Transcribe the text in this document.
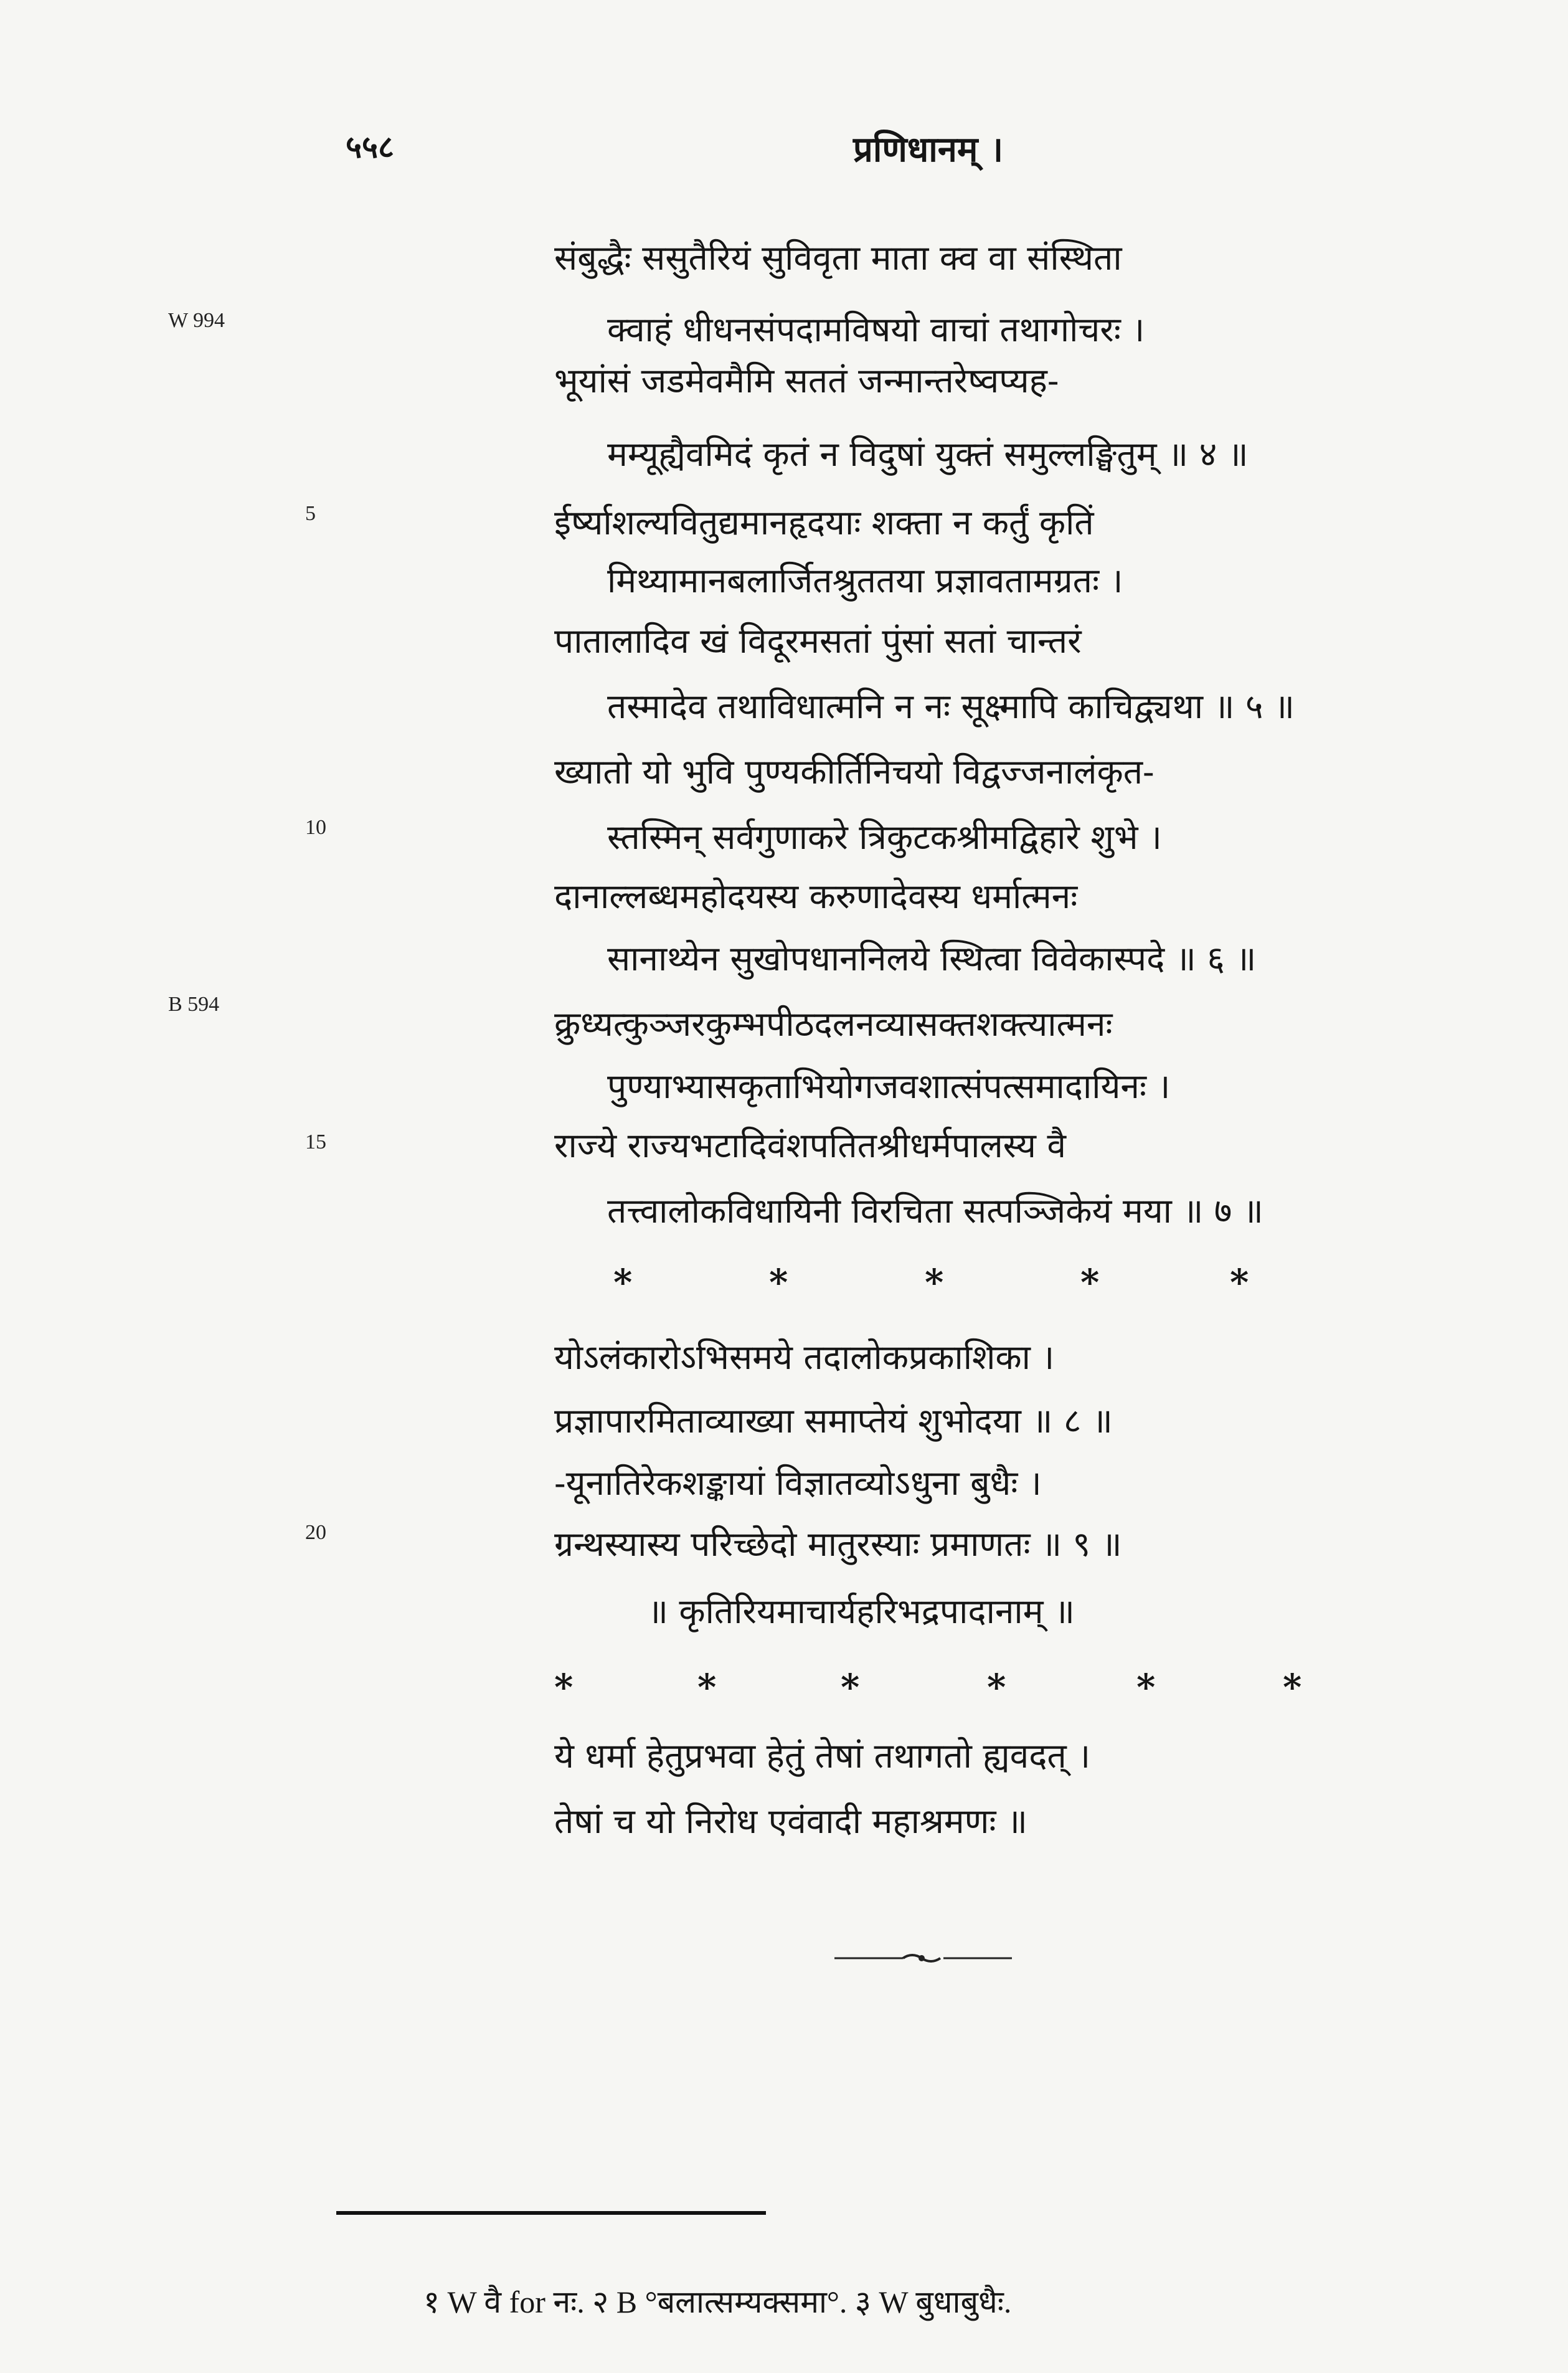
५५८	प्रणिधानम् ।
W 994
5
10
B 594
15
20
संबुद्धैः ससुतैरियं सुविवृता माता क्व वा संस्थिता
क्वाहं धीधनसंपदामविषयो वाचां तथागोचरः ।
भूयांसं जडमेवमैमि सततं जन्मान्तरेष्वप्यह-
मम्यूह्यैवमिदं कृतं न विदुषां युक्तं समुल्लङ्घितुम् ॥ ४ ॥
ईर्ष्याशल्यवितुद्यमानहृदयाः शक्ता न कर्तुं कृतिं
मिथ्यामानबलार्जितश्रुततया प्रज्ञावतामग्रतः ।
पातालादिव खं विदूरमसतां पुंसां सतां चान्तरं
तस्मादेव तथाविधात्मनि न नः सूक्ष्मापि काचिद्व्यथा ॥ ५ ॥
ख्यातो यो भुवि पुण्यकीर्तिनिचयो विद्वज्जनालंकृत-
स्तस्मिन् सर्वगुणाकरे त्रिकुटकश्रीमद्विहारे शुभे ।
दानाल्लब्धमहोदयस्य करुणादेवस्य धर्मात्मनः
सानाथ्येन सुखोपधाननिलये स्थित्वा विवेकास्पदे ॥ ६ ॥
क्रुध्यत्कुञ्जरकुम्भपीठदलनव्यासक्तशक्त्यात्मनः
पुण्याभ्यासकृताभियोगजवशात्संपत्समादायिनः ।
राज्ये राज्यभटादिवंशपतितश्रीधर्मपालस्य वै
तत्त्वालोकविधायिनी विरचिता सत्पञ्जिकेयं मया ॥ ७ ॥
योऽलंकारोऽभिसमये तदालोकप्रकाशिका ।
प्रज्ञापारमिताव्याख्या समाप्तेयं शुभोदया ॥ ८ ॥
-यूनातिरेकशङ्कायां विज्ञातव्योऽधुना बुधैः ।
ग्रन्थस्यास्य परिच्छेदो मातुरस्याः प्रमाणतः ॥ ९ ॥
॥ कृतिरियमाचार्यहरिभद्रपादानाम् ॥
ये धर्मा हेतुप्रभवा हेतुं तेषां तथागतो ह्यवदत् ।
तेषां च यो निरोध एवंवादी महाश्रमणः ॥
*	*	*	*	*
*	*	*	*	*	*
१ W वै for नः. २ B °बलात्सम्यक्समा°. ३ W बुधाबुधैः.
